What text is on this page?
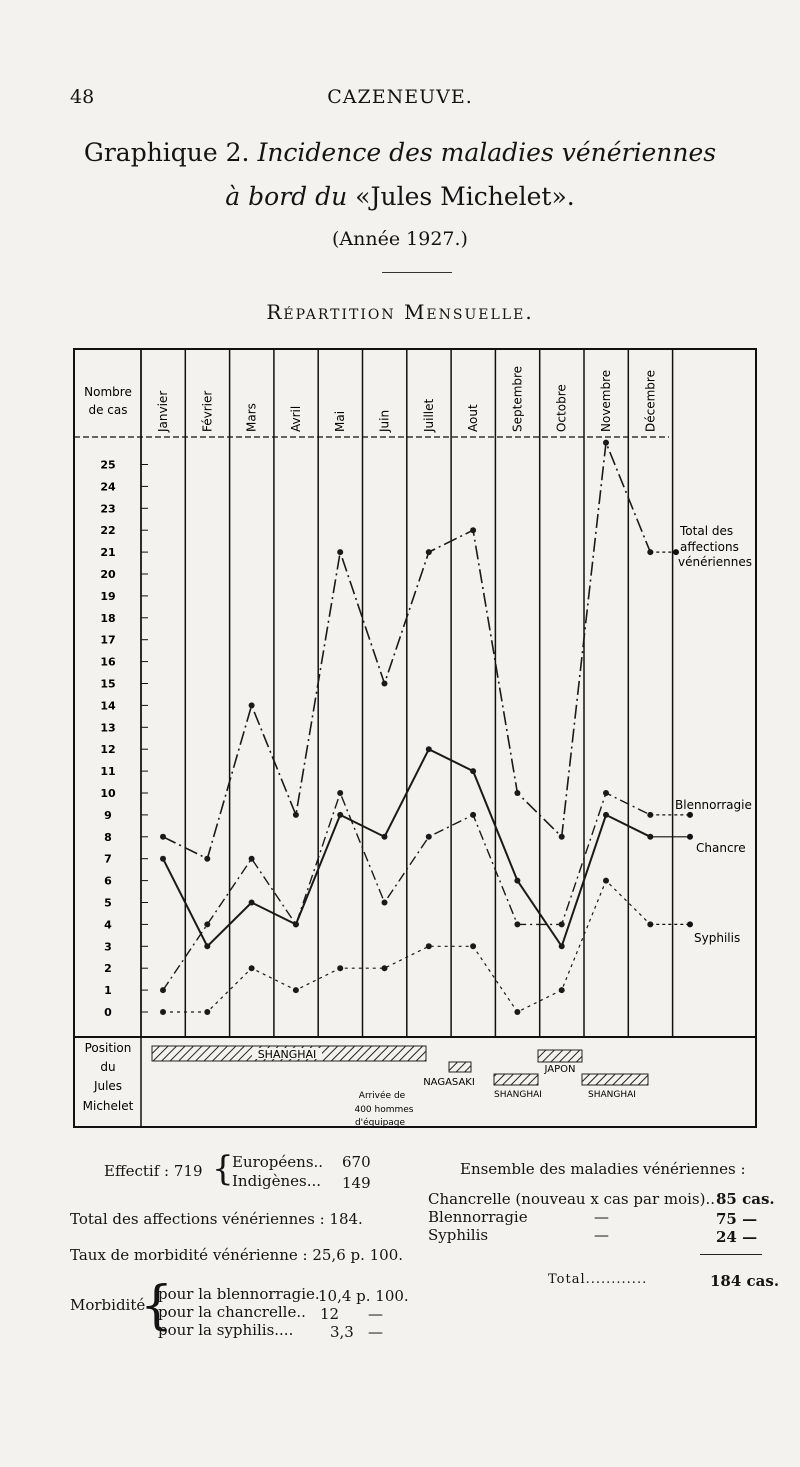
48	CAZENEUVE.
Graphique 2. Incidence des maladies vénériennes
à bord du «Jules Michelet».
(Année 1927.)
Répartition Mensuelle.
Nombre
de cas Janvier	Février	Mars	Avril	Mai	Juin	Juillet	Aout	Septembre	Octobre	Novembre	Décembre
0
1
2
3
4
5
6
7
8
9
10
11
12
13
14
15
16
17
18
19
20
21
22
23
24
25
Total des
affections
vénériennes
Blennorragie
Chancre
Syphilis
Position
du
Jules
Michelet
SHANGHAI
NAGASAKI
SHANGHAI
JAPON
SHANGHAI
Arrivée de
400 hommes
d'équipage
Effectif : 719 {
Européens.. 670
Indigènes... 149
Total des affections vénériennes : 184.
Taux de morbidité vénérienne : 25,6 p. 100.
Morbidité
{
pour la blennorragie.
10,4 p. 100.
pour la chancrelle.. 12 —
pour la syphilis.... 3,3 —
Ensemble des maladies vénériennes :
Chancrelle (nouveau x cas par mois).. 85 cas.
Blennorragie	—	75 —
Syphilis	—	24 —
Total............	184 cas.
